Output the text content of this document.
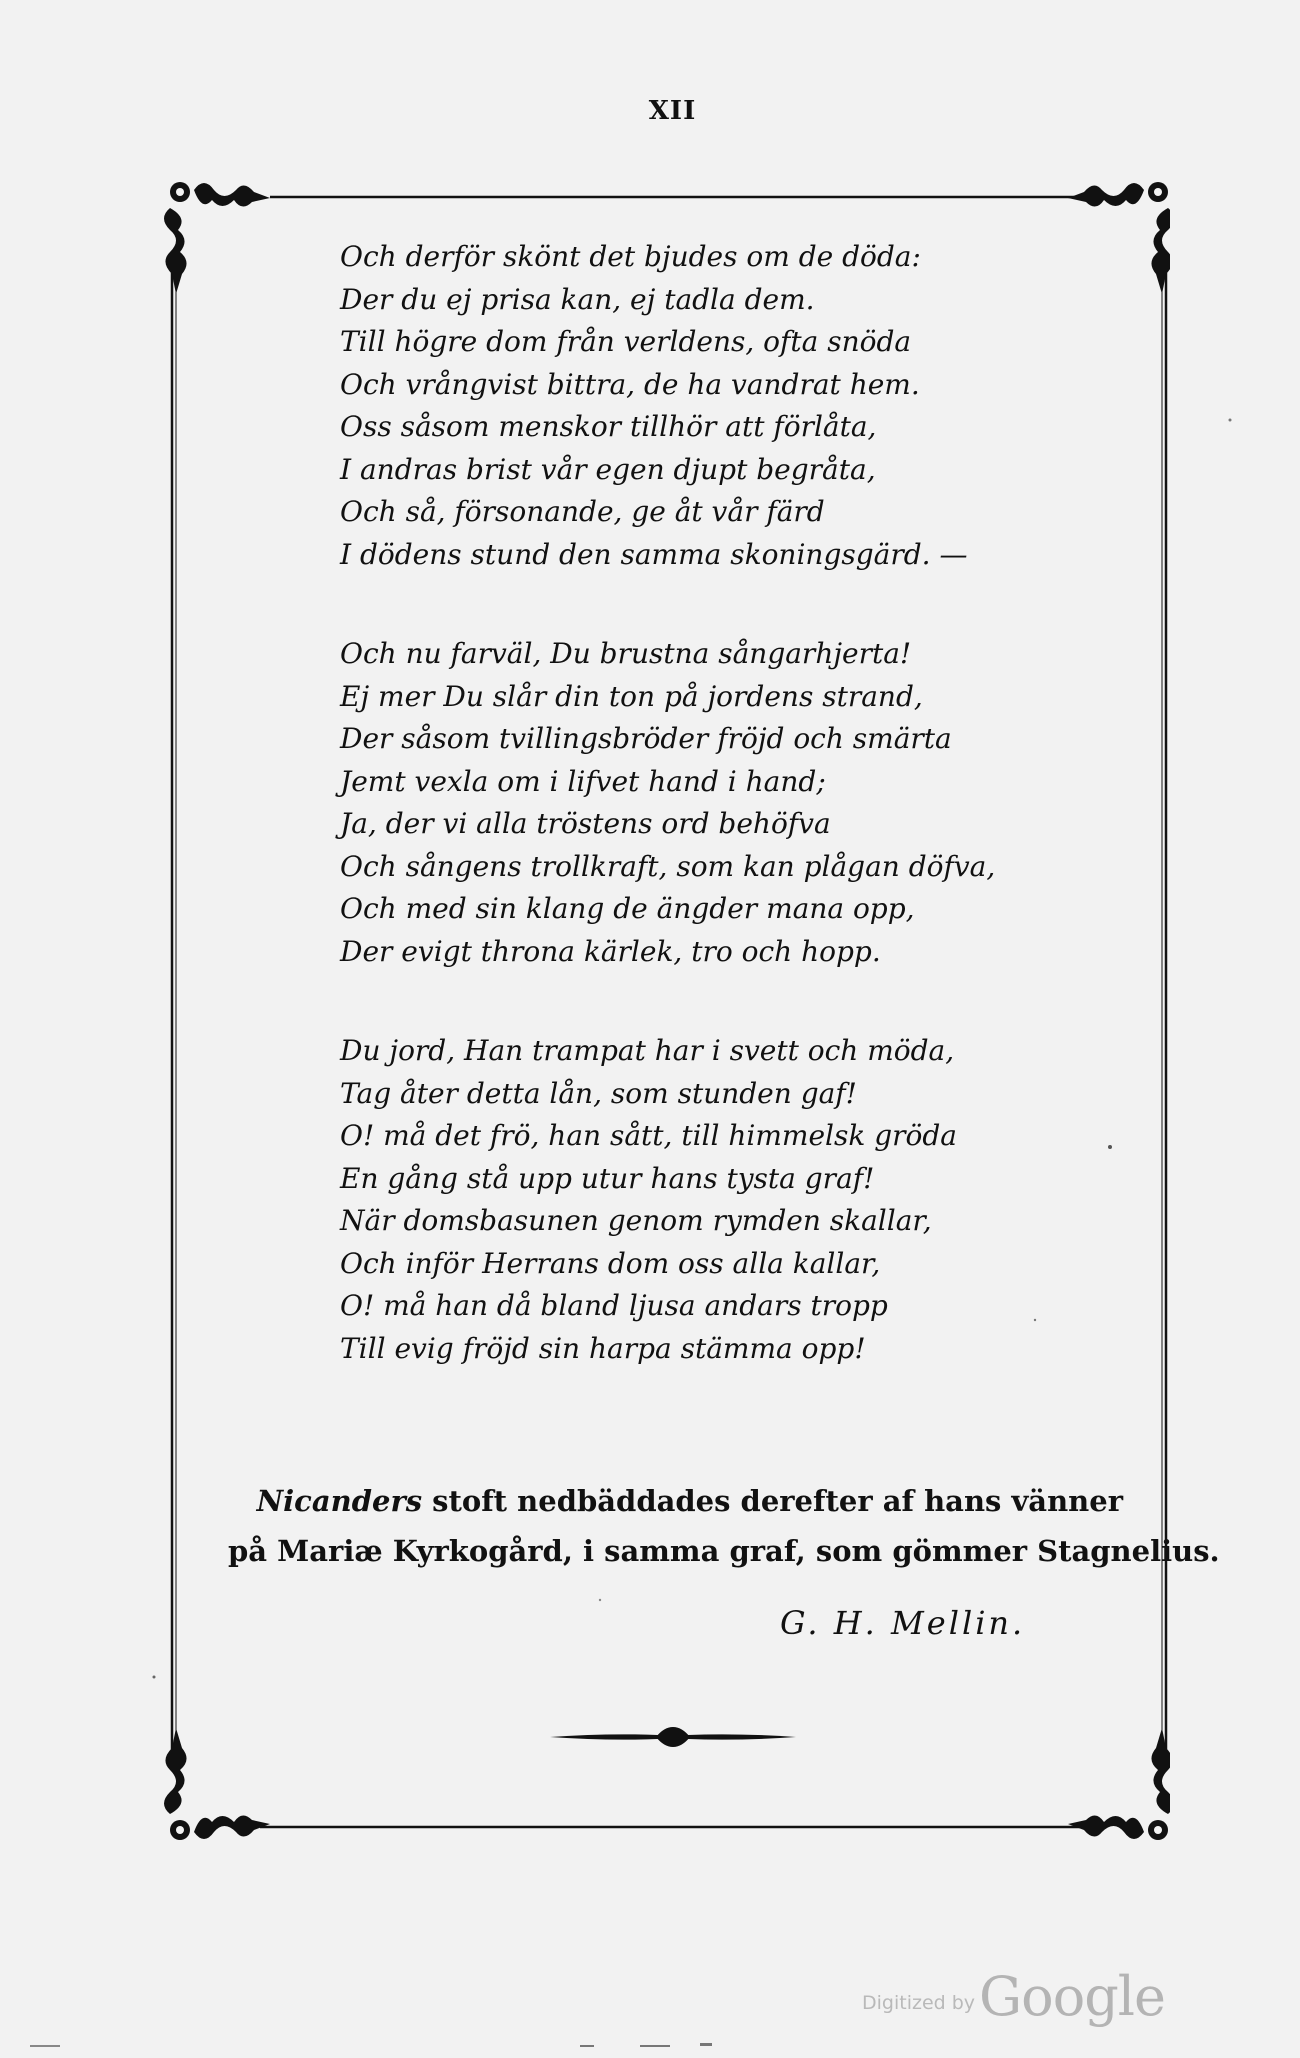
XII
Och derför skönt det bjudes om de döda:
Der du ej prisa kan, ej tadla dem.
Till högre dom från verldens, ofta snöda
Och vrångvist bittra, de ha vandrat hem.
Oss såsom menskor tillhör att förlåta,
I andras brist vår egen djupt begråta,
Och så, försonande, ge åt vår färd
I dödens stund den samma skoningsgärd. —
Och nu farväl, Du brustna sångarhjerta!
Ej mer Du slår din ton på jordens strand,
Der såsom tvillingsbröder fröjd och smärta
Jemt vexla om i lifvet hand i hand;
Ja, der vi alla tröstens ord behöfva
Och sångens trollkraft, som kan plågan döfva,
Och med sin klang de ängder mana opp,
Der evigt throna kärlek, tro och hopp.
Du jord, Han trampat har i svett och möda,
Tag åter detta lån, som stunden gaf!
O! må det frö, han sått, till himmelsk gröda
En gång stå upp utur hans tysta graf!
När domsbasunen genom rymden skallar,
Och inför Herrans dom oss alla kallar,
O! må han då bland ljusa andars tropp
Till evig fröjd sin harpa stämma opp!
Nicanders stoft nedbäddades derefter af hans vänner
på Mariæ Kyrkogård, i samma graf, som gömmer Stagnelius.
G. H. Mellin.
Digitized byGoogle
